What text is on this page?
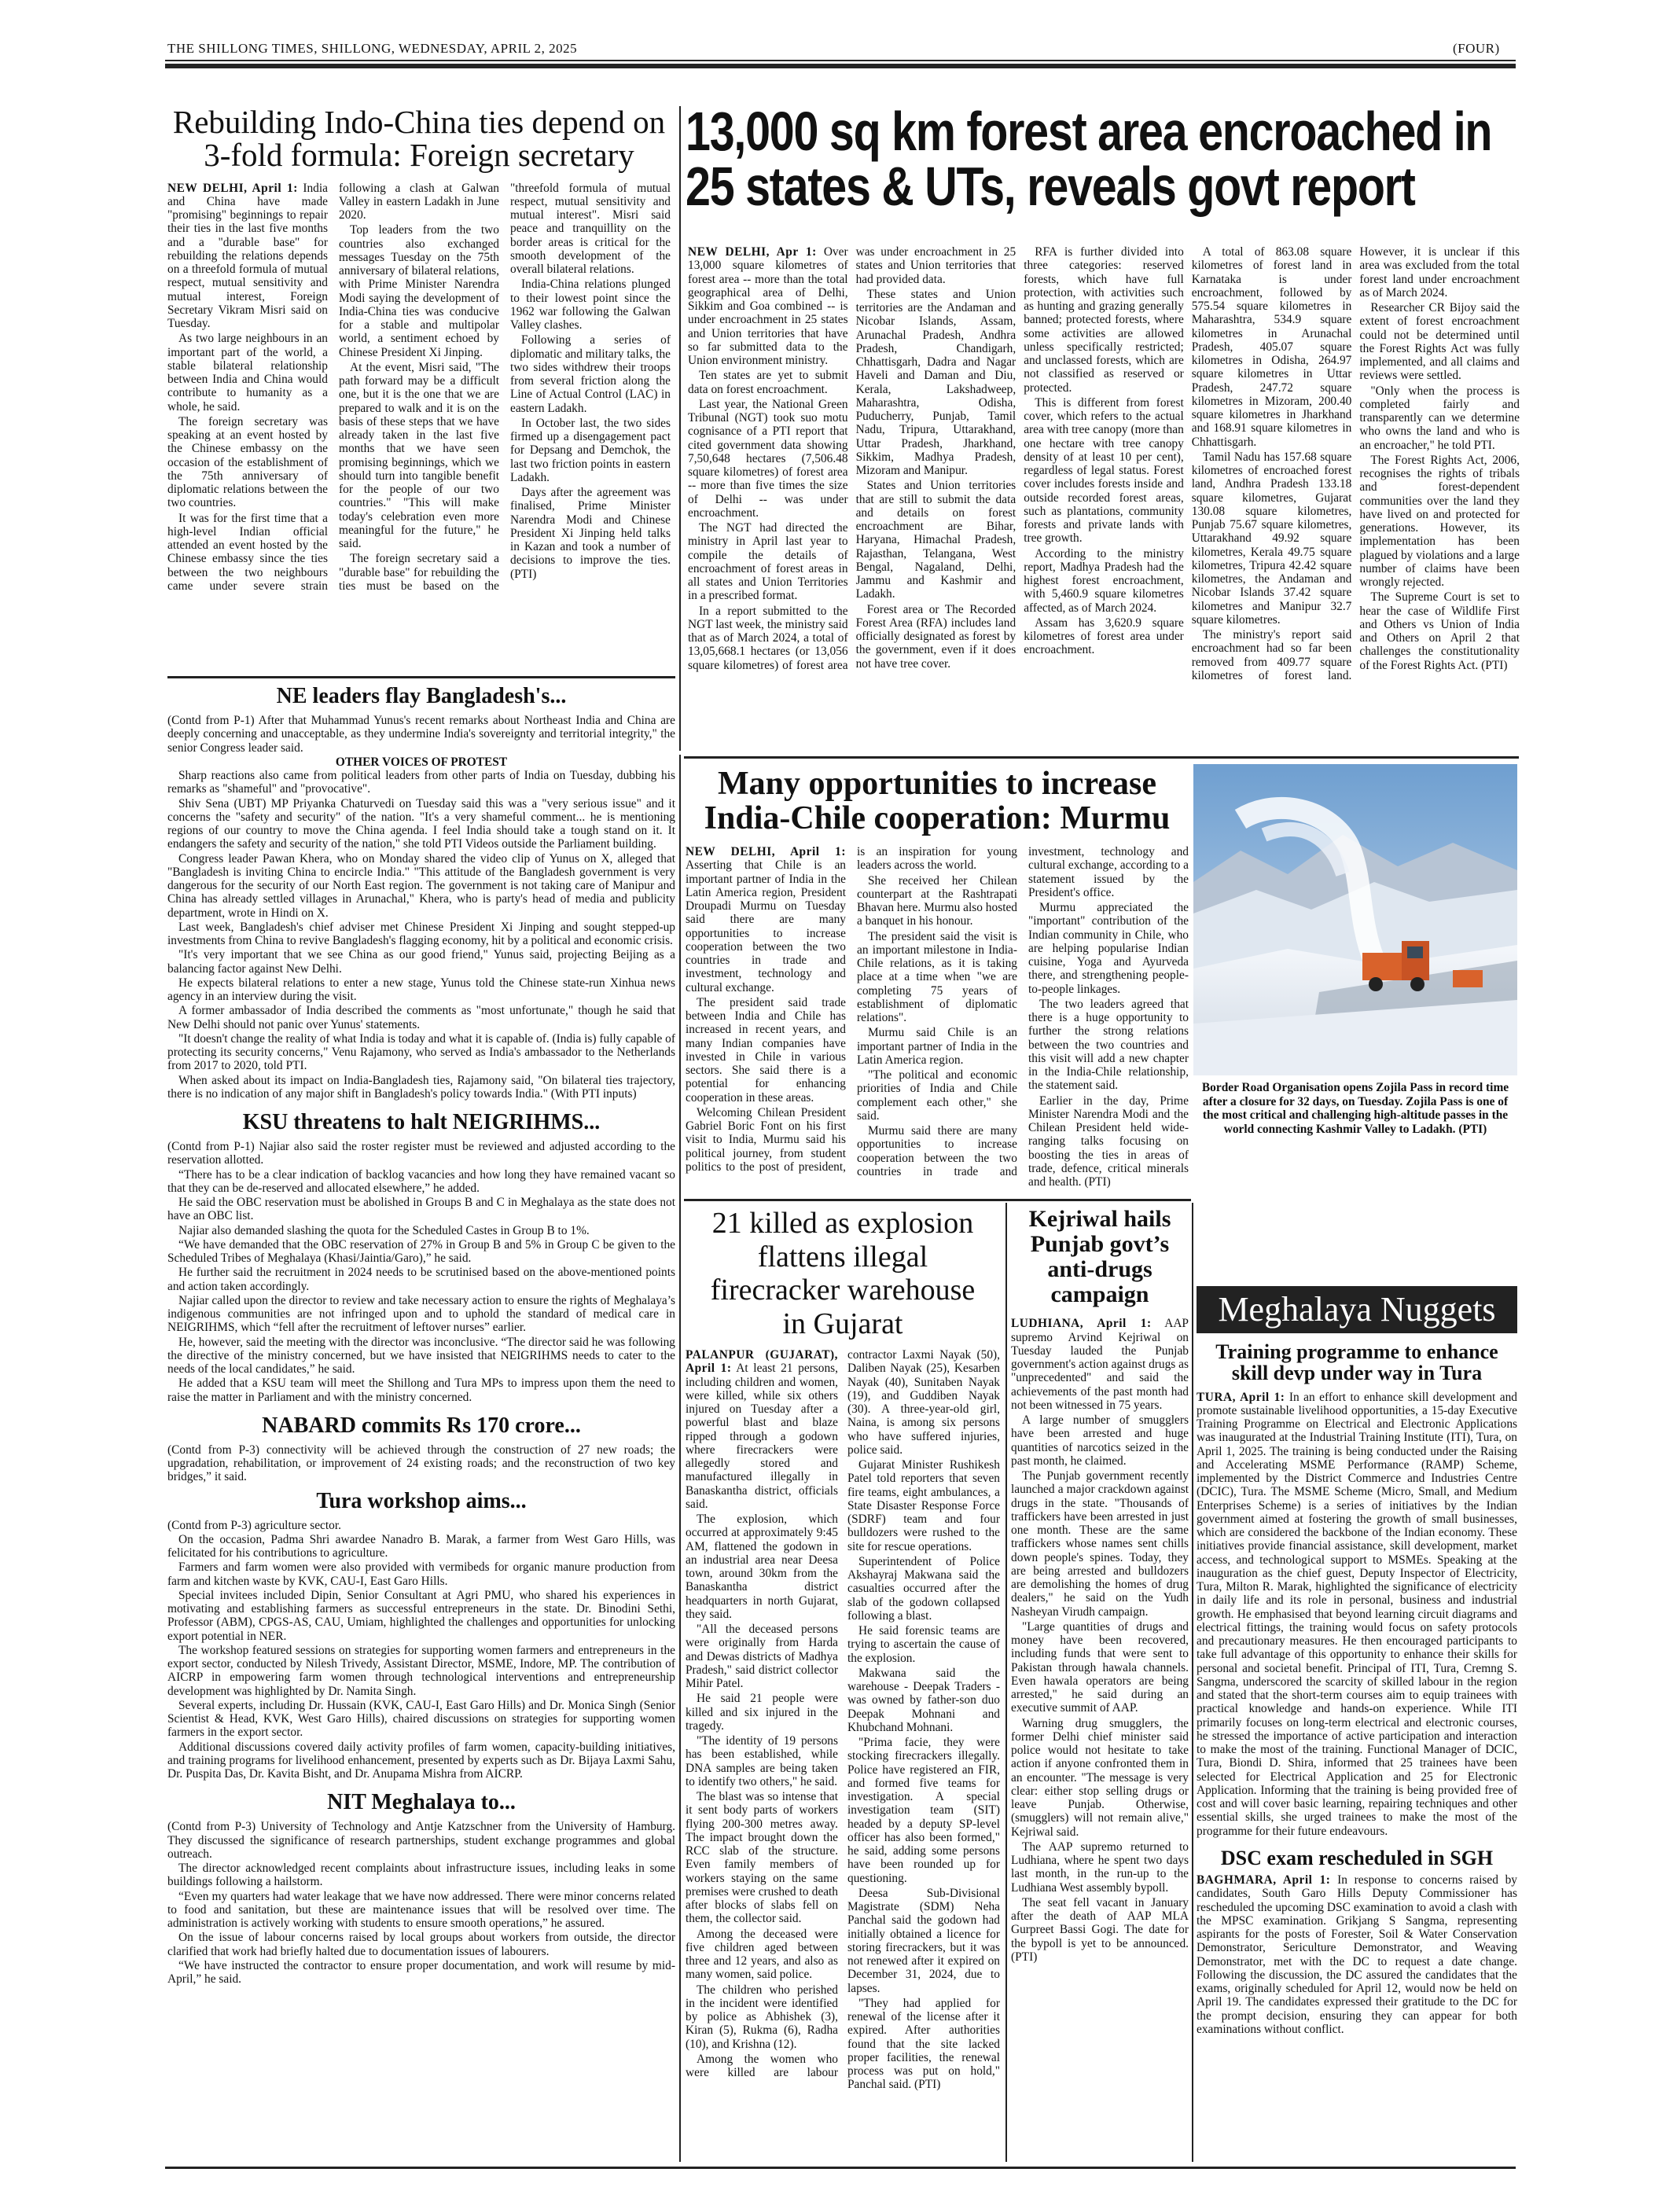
THE SHILLONG TIMES, SHILLONG, WEDNESDAY, APRIL 2, 2025	(FOUR)
Rebuilding Indo-China ties depend on 3-fold formula: Foreign secretary

NEW DELHI, April 1: India and China have made "promising" beginnings to repair their ties in the last five months and a "durable base" for rebuilding the relations depends on a threefold formula of mutual respect, mutual sensitivity and mutual interest, Foreign Secretary Vikram Misri said on Tuesday.

As two large neighbours in an important part of the world, a stable bilateral relationship between India and China would contribute to humanity as a whole, he said.

The foreign secretary was speaking at an event hosted by the Chinese embassy on the occasion of the establishment of the 75th anniversary of diplomatic relations between the two countries.

It was for the first time that a high-level Indian official attended an event hosted by the Chinese embassy since the ties between the two neighbours came under severe strain following a clash at Galwan Valley in eastern Ladakh in June 2020.

Top leaders from the two countries also exchanged messages Tuesday on the 75th anniversary of bilateral relations, with Prime Minister Narendra Modi saying the development of India-China ties was conducive for a stable and multipolar world, a sentiment echoed by Chinese President Xi Jinping.

At the event, Misri said, "The path forward may be a difficult one, but it is the one that we are prepared to walk and it is on the basis of these steps that we have already taken in the last five months that we have seen promising beginnings, which we should turn into tangible benefit for the people of our two countries." "This will make today's celebration even more meaningful for the future," he said.

The foreign secretary said a "durable base" for rebuilding the ties must be based on the "threefold formula of mutual respect, mutual sensitivity and mutual interest". Misri said peace and tranquillity on the border areas is critical for the smooth development of the overall bilateral relations.

India-China relations plunged to their lowest point since the 1962 war following the Galwan Valley clashes.

Following a series of diplomatic and military talks, the two sides withdrew their troops from several friction along the Line of Actual Control (LAC) in eastern Ladakh.

In October last, the two sides firmed up a disengagement pact for Depsang and Demchok, the last two friction points in eastern Ladakh.

Days after the agreement was finalised, Prime Minister Narendra Modi and Chinese President Xi Jinping held talks in Kazan and took a number of decisions to improve the ties. (PTI)

13,000 sq km forest area encroached in 25 states & UTs, reveals govt report

NEW DELHI, Apr 1: Over 13,000 square kilometres of forest area -- more than the total geographical area of Delhi, Sikkim and Goa combined -- is under encroachment in 25 states and Union territories that have so far submitted data to the Union environment ministry.

Ten states are yet to submit data on forest encroachment.

Last year, the National Green Tribunal (NGT) took suo motu cognisance of a PTI report that cited government data showing 7,50,648 hectares (7,506.48 square kilometres) of forest area -- more than five times the size of Delhi -- was under encroachment.

The NGT had directed the ministry in April last year to compile the details of encroachment of forest areas in all states and Union Territories in a prescribed format.

In a report submitted to the NGT last week, the ministry said that as of March 2024, a total of 13,05,668.1 hectares (or 13,056 square kilometres) of forest area was under encroachment in 25 states and Union territories that had provided data.

These states and Union territories are the Andaman and Nicobar Islands, Assam, Arunachal Pradesh, Andhra Pradesh, Chandigarh, Chhattisgarh, Dadra and Nagar Haveli and Daman and Diu, Kerala, Lakshadweep, Maharashtra, Odisha, Puducherry, Punjab, Tamil Nadu, Tripura, Uttarakhand, Uttar Pradesh, Jharkhand, Sikkim, Madhya Pradesh, Mizoram and Manipur.

States and Union territories that are still to submit the data and details on forest encroachment are Bihar, Haryana, Himachal Pradesh, Rajasthan, Telangana, West Bengal, Nagaland, Delhi, Jammu and Kashmir and Ladakh.

Forest area or The Recorded Forest Area (RFA) includes land officially designated as forest by the government, even if it does not have tree cover.

RFA is further divided into three categories: reserved forests, which have full protection, with activities such as hunting and grazing generally banned; protected forests, where some activities are allowed unless specifically restricted; and unclassed forests, which are not classified as reserved or protected.

This is different from forest cover, which refers to the actual area with tree canopy (more than one hectare with tree canopy density of at least 10 per cent), regardless of legal status. Forest cover includes forests inside and outside recorded forest areas, such as plantations, community forests and private lands with tree growth.

According to the ministry report, Madhya Pradesh had the highest forest encroachment, with 5,460.9 square kilometres affected, as of March 2024.

Assam has 3,620.9 square kilometres of forest area under encroachment.

A total of 863.08 square kilometres of forest land in Karnataka is under encroachment, followed by 575.54 square kilometres in Maharashtra, 534.9 square kilometres in Arunachal Pradesh, 405.07 square kilometres in Odisha, 264.97 square kilometres in Uttar Pradesh, 247.72 square kilometres in Mizoram, 200.40 square kilometres in Jharkhand and 168.91 square kilometres in Chhattisgarh.

Tamil Nadu has 157.68 square kilometres of encroached forest land, Andhra Pradesh 133.18 square kilometres, Gujarat 130.08 square kilometres, Punjab 75.67 square kilometres, Uttarakhand 49.92 square kilometres, Kerala 49.75 square kilometres, Tripura 42.42 square kilometres, the Andaman and Nicobar Islands 37.42 square kilometres and Manipur 32.7 square kilometres.

The ministry's report said encroachment had so far been removed from 409.77 square kilometres of forest land. However, it is unclear if this area was excluded from the total forest land under encroachment as of March 2024.

Researcher CR Bijoy said the extent of forest encroachment could not be determined until the Forest Rights Act was fully implemented, and all claims and reviews were settled.

"Only when the process is completed fairly and transparently can we determine who owns the land and who is an encroacher," he told PTI.

The Forest Rights Act, 2006, recognises the rights of tribals and forest-dependent communities over the land they have lived on and protected for generations. However, its implementation has been plagued by violations and a large number of claims have been wrongly rejected.

The Supreme Court is set to hear the case of Wildlife First and Others vs Union of India and Others on April 2 that challenges the constitutionality of the Forest Rights Act. (PTI)

NE leaders flay Bangladesh's...

(Contd from P-1) After that Muhammad Yunus's recent remarks about Northeast India and China are deeply concerning and unacceptable, as they undermine India's sovereignty and territorial integrity," the senior Congress leader said.

OTHER VOICES OF PROTEST

Sharp reactions also came from political leaders from other parts of India on Tuesday, dubbing his remarks as "shameful" and "provocative".

Shiv Sena (UBT) MP Priyanka Chaturvedi on Tuesday said this was a "very serious issue" and it concerns the "safety and security" of the nation. "It's a very shameful comment... he is mentioning regions of our country to move the China agenda. I feel India should take a tough stand on it. It endangers the safety and security of the nation," she told PTI Videos outside the Parliament building.

Congress leader Pawan Khera, who on Monday shared the video clip of Yunus on X, alleged that "Bangladesh is inviting China to encircle India." "This attitude of the Bangladesh government is very dangerous for the security of our North East region. The government is not taking care of Manipur and China has already settled villages in Arunachal," Khera, who is party's head of media and publicity department, wrote in Hindi on X.

Last week, Bangladesh's chief adviser met Chinese President Xi Jinping and sought stepped-up investments from China to revive Bangladesh's flagging economy, hit by a political and economic crisis.

"It's very important that we see China as our good friend," Yunus said, projecting Beijing as a balancing factor against New Delhi.

He expects bilateral relations to enter a new stage, Yunus told the Chinese state-run Xinhua news agency in an interview during the visit.

A former ambassador of India described the comments as "most unfortunate," though he said that New Delhi should not panic over Yunus' statements.

"It doesn't change the reality of what India is today and what it is capable of. (India is) fully capable of protecting its security concerns," Venu Rajamony, who served as India's ambassador to the Netherlands from 2017 to 2020, told PTI.

When asked about its impact on India-Bangladesh ties, Rajamony said, "On bilateral ties trajectory, there is no indication of any major shift in Bangladesh's policy towards India." (With PTI inputs)

KSU threatens to halt NEIGRIHMS...

(Contd from P-1) Najiar also said the roster register must be reviewed and adjusted according to the reservation allotted.

“There has to be a clear indication of backlog vacancies and how long they have remained vacant so that they can be de-reserved and allocated elsewhere,” he added.

He said the OBC reservation must be abolished in Groups B and C in Meghalaya as the state does not have an OBC list.

Najiar also demanded slashing the quota for the Scheduled Castes in Group B to 1%.

“We have demanded that the OBC reservation of 27% in Group B and 5% in Group C be given to the Scheduled Tribes of Meghalaya (Khasi/Jaintia/Garo),” he said.

He further said the recruitment in 2024 needs to be scrutinised based on the above-mentioned points and action taken accordingly.

Najiar called upon the director to review and take necessary action to ensure the rights of Meghalaya’s indigenous communities are not infringed upon and to uphold the standard of medical care in NEIGRIHMS, which “fell after the recruitment of leftover nurses” earlier.

He, however, said the meeting with the director was inconclusive. “The director said he was following the directive of the ministry concerned, but we have insisted that NEIGRIHMS needs to cater to the needs of the local candidates,” he said.

He added that a KSU team will meet the Shillong and Tura MPs to impress upon them the need to raise the matter in Parliament and with the ministry concerned.

NABARD commits Rs 170 crore...

(Contd from P-3) connectivity will be achieved through the construction of 27 new roads; the upgradation, rehabilitation, or improvement of 24 existing roads; and the reconstruction of two key bridges,” it said.

Tura workshop aims...

(Contd from P-3) agriculture sector.

On the occasion, Padma Shri awardee Nanadro B. Marak, a farmer from West Garo Hills, was felicitated for his contributions to agriculture.

Farmers and farm women were also provided with vermibeds for organic manure production from farm and kitchen waste by KVK, CAU-I, East Garo Hills.

Special invitees included Dipin, Senior Consultant at Agri PMU, who shared his experiences in motivating and establishing farmers as successful entrepreneurs in the state. Dr. Binodini Sethi, Professor (ABM), CPGS-AS, CAU, Umiam, highlighted the challenges and opportunities for unlocking export potential in NER.

The workshop featured sessions on strategies for supporting women farmers and entrepreneurs in the export sector, conducted by Nilesh Trivedy, Assistant Director, MSME, Indore, MP. The contribution of AICRP in empowering farm women through technological interventions and entrepreneurship development was highlighted by Dr. Namita Singh.

Several experts, including Dr. Hussain (KVK, CAU-I, East Garo Hills) and Dr. Monica Singh (Senior Scientist & Head, KVK, West Garo Hills), chaired discussions on strategies for supporting women farmers in the export sector.

Additional discussions covered daily activity profiles of farm women, capacity-building initiatives, and training programs for livelihood enhancement, presented by experts such as Dr. Bijaya Laxmi Sahu, Dr. Puspita Das, Dr. Kavita Bisht, and Dr. Anupama Mishra from AICRP.

NIT Meghalaya to...

(Contd from P-3) University of Technology and Antje Katzschner from the University of Hamburg. They discussed the significance of research partnerships, student exchange programmes and global outreach.

The director acknowledged recent complaints about infrastructure issues, including leaks in some buildings following a hailstorm.

“Even my quarters had water leakage that we have now addressed. There were minor concerns related to food and sanitation, but these are maintenance issues that will be resolved over time. The administration is actively working with students to ensure smooth operations,” he assured.

On the issue of labour concerns raised by local groups about workers from outside, the director clarified that work had briefly halted due to documentation issues of labourers.

“We have instructed the contractor to ensure proper documentation, and work will resume by mid-April,” he said.

Many opportunities to increase India-Chile cooperation: Murmu

NEW DELHI, April 1: Asserting that Chile is an important partner of India in the Latin America region, President Droupadi Murmu on Tuesday said there are many opportunities to increase cooperation between the two countries in trade and investment, technology and cultural exchange.

The president said trade between India and Chile has increased in recent years, and many Indian companies have invested in Chile in various sectors. She said there is a potential for enhancing cooperation in these areas.

Welcoming Chilean President Gabriel Boric Font on his first visit to India, Murmu said his political journey, from student politics to the post of president, is an inspiration for young leaders across the world.

She received her Chilean counterpart at the Rashtrapati Bhavan here. Murmu also hosted a banquet in his honour.

The president said the visit is an important milestone in India-Chile relations, as it is taking place at a time when "we are completing 75 years of establishment of diplomatic relations".

Murmu said Chile is an important partner of India in the Latin America region.

"The political and economic priorities of India and Chile complement each other," she said.

Murmu said there are many opportunities to increase cooperation between the two countries in trade and investment, technology and cultural exchange, according to a statement issued by the President's office.

Murmu appreciated the "important" contribution of the Indian community in Chile, who are helping popularise Indian cuisine, Yoga and Ayurveda there, and strengthening people-to-people linkages.

The two leaders agreed that there is a huge opportunity to further the strong relations between the two countries and this visit will add a new chapter in the India-Chile relationship, the statement said.

Earlier in the day, Prime Minister Narendra Modi and the Chilean President held wide-ranging talks focusing on boosting the ties in areas of trade, defence, critical minerals and health. (PTI)

Border Road Organisation opens Zojila Pass in record time after a closure for 32 days, on Tuesday. Zojila Pass is one of the most critical and challenging high-altitude passes in the world connecting Kashmir Valley to Ladakh. (PTI)
21 killed as explosion flattens illegal firecracker warehouse in Gujarat

PALANPUR (GUJARAT), April 1: At least 21 persons, including children and women, were killed, while six others injured on Tuesday after a powerful blast and blaze ripped through a godown where firecrackers were allegedly stored and manufactured illegally in Banaskantha district, officials said.

The explosion, which occurred at approximately 9:45 AM, flattened the godown in an industrial area near Deesa town, around 30km from the Banaskantha district headquarters in north Gujarat, they said.

"All the deceased persons were originally from Harda and Dewas districts of Madhya Pradesh," said district collector Mihir Patel.

He said 21 people were killed and six injured in the tragedy.

"The identity of 19 persons has been established, while DNA samples are being taken to identify two others," he said.

The blast was so intense that it sent body parts of workers flying 200-300 metres away. The impact brought down the RCC slab of the structure. Even family members of workers staying on the same premises were crushed to death after blocks of slabs fell on them, the collector said.

Among the deceased were five children aged between three and 12 years, and also as many women, said police.

The children who perished in the incident were identified by police as Abhishek (3), Kiran (5), Rukma (6), Radha (10), and Krishna (12).

Among the women who were killed are labour contractor Laxmi Nayak (50), Daliben Nayak (25), Kesarben Nayak (40), Sunitaben Nayak (19), and Guddiben Nayak (30). A three-year-old girl, Naina, is among six persons who have suffered injuries, police said.

Gujarat Minister Rushikesh Patel told reporters that seven fire teams, eight ambulances, a State Disaster Response Force (SDRF) team and four bulldozers were rushed to the site for rescue operations.

Superintendent of Police Akshayraj Makwana said the casualties occurred after the slab of the godown collapsed following a blast.

He said forensic teams are trying to ascertain the cause of the explosion.

Makwana said the warehouse - Deepak Traders - was owned by father-son duo Deepak Mohnani and Khubchand Mohnani.

"Prima facie, they were stocking firecrackers illegally. Police have registered an FIR, and formed five teams for investigation. A special investigation team (SIT) headed by a deputy SP-level officer has also been formed," he said, adding some persons have been rounded up for questioning.

Deesa Sub-Divisional Magistrate (SDM) Neha Panchal said the godown had initially obtained a licence for storing firecrackers, but it was not renewed after it expired on December 31, 2024, due to lapses.

"They had applied for renewal of the license after it expired. After authorities found that the site lacked proper facilities, the renewal process was put on hold," Panchal said. (PTI)

Kejriwal hails Punjab govt’s anti-drugs campaign

LUDHIANA, April 1: AAP supremo Arvind Kejriwal on Tuesday lauded the Punjab government's action against drugs as "unprecedented" and said the achievements of the past month had not been witnessed in 75 years.

A large number of smugglers have been arrested and huge quantities of narcotics seized in the past month, he claimed.

The Punjab government recently launched a major crackdown against drugs in the state. "Thousands of traffickers have been arrested in just one month. These are the same traffickers whose names sent chills down people's spines. Today, they are being arrested and bulldozers are demolishing the homes of drug dealers," he said on the Yudh Nasheyan Virudh campaign.

"Large quantities of drugs and money have been recovered, including funds that were sent to Pakistan through hawala channels. Even hawala operators are being arrested," he said during an executive summit of AAP.

Warning drug smugglers, the former Delhi chief minister said police would not hesitate to take action if anyone confronted them in an encounter. "The message is very clear: either stop selling drugs or leave Punjab. Otherwise, (smugglers) will not remain alive," Kejriwal said.

The AAP supremo returned to Ludhiana, where he spent two days last month, in the run-up to the Ludhiana West assembly bypoll.

The seat fell vacant in January after the death of AAP MLA Gurpreet Bassi Gogi. The date for the bypoll is yet to be announced. (PTI)

Meghalaya Nuggets
Training programme to enhance skill devp under way in Tura

TURA, April 1: In an effort to enhance skill development and promote sustainable livelihood opportunities, a 15-day Executive Training Programme on Electrical and Electronic Applications was inaugurated at the Industrial Training Institute (ITI), Tura, on April 1, 2025. The training is being conducted under the Raising and Accelerating MSME Performance (RAMP) Scheme, implemented by the District Commerce and Industries Centre (DCIC), Tura. The MSME Scheme (Micro, Small, and Medium Enterprises Scheme) is a series of initiatives by the Indian government aimed at fostering the growth of small businesses, which are considered the backbone of the Indian economy. These initiatives provide financial assistance, skill development, market access, and technological support to MSMEs. Speaking at the inauguration as the chief guest, Deputy Inspector of Electricity, Tura, Milton R. Marak, highlighted the significance of electricity in daily life and its role in personal, business and industrial growth. He emphasised that beyond learning circuit diagrams and electrical fittings, the training would focus on safety protocols and precautionary measures. He then encouraged participants to take full advantage of this opportunity to enhance their skills for personal and societal benefit. Principal of ITI, Tura, Cremng S. Sangma, underscored the scarcity of skilled labour in the region and stated that the short-term courses aim to equip trainees with practical knowledge and hands-on experience. While ITI primarily focuses on long-term electrical and electronic courses, he stressed the importance of active participation and interaction to make the most of the training. Functional Manager of DCIC, Tura, Biondi D. Shira, informed that 25 trainees have been selected for Electrical Application and 25 for Electronic Application. Informing that the training is being provided free of cost and will cover basic learning, repairing techniques and other essential skills, she urged trainees to make the most of the programme for their future endeavours.

DSC exam rescheduled in SGH

BAGHMARA, April 1: In response to concerns raised by candidates, South Garo Hills Deputy Commissioner has rescheduled the upcoming DSC examination to avoid a clash with the MPSC examination. Grikjang S Sangma, representing aspirants for the posts of Forester, Soil & Water Conservation Demonstrator, Sericulture Demonstrator, and Weaving Demonstrator, met with the DC to request a date change. Following the discussion, the DC assured the candidates that the exams, originally scheduled for April 12, would now be held on April 19. The candidates expressed their gratitude to the DC for the prompt decision, ensuring they can appear for both examinations without conflict.
